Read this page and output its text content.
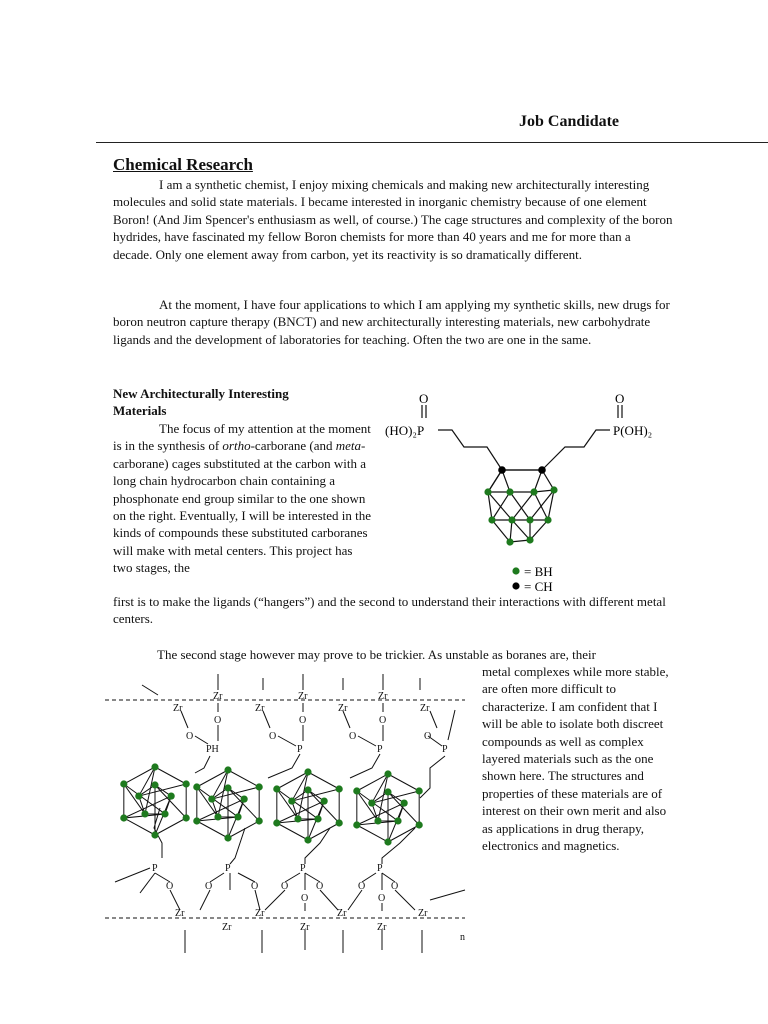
Job Candidate
Chemical Research
I am a synthetic chemist, I enjoy mixing chemicals and making new architecturally interesting molecules and solid state materials. I became interested in inorganic chemistry because of one element Boron! (And Jim Spencer's enthusiasm as well, of course.) The cage structures and complexity of the boron hydrides, have fascinated my fellow Boron chemists for more than 40 years and me for more than a decade. Only one element away from carbon, yet its reactivity is so dramatically different.
At the moment, I have four applications to which I am applying my synthetic skills, new drugs for boron neutron capture therapy (BNCT) and new architecturally interesting materials, new carbohydrate ligands and the development of laboratories for teaching. Often the two are one in the same.
New Architecturally Interesting Materials
The focus of my attention at the moment is in the synthesis of ortho-carborane (and meta-carborane) cages substituted at the carbon with a long chain hydrocarbon chain containing a phosphonate end group similar to the one shown on the right. Eventually, I will be interested in the kinds of compounds these substituted carboranes will make with metal centers. This project has two stages, the
first is to make the ligands (“hangers”) and the second to understand their interactions with different metal centers.
The second stage however may prove to be trickier. As unstable as boranes are, their
metal complexes while more stable, are often more difficult to characterize. I am confident that I will be able to isolate both discreet compounds as well as complex layered materials such as the one shown here. The structures and properties of these materials are of interest on their own merit and also as applications in drug therapy, electronics and magnetics.
O	O
(HO)₂P	P(OH)₂
= BH
= CH
Zr	Zr	Zr
Zr	Zr	Zr	Zr
O	O	O
O	O	O	O
PH	P	P	P
P	P	P	P
O	O	O O	O	O	O
O	O
Zr	Zr	Zr	Zr
Zr	Zr	Zr
n
